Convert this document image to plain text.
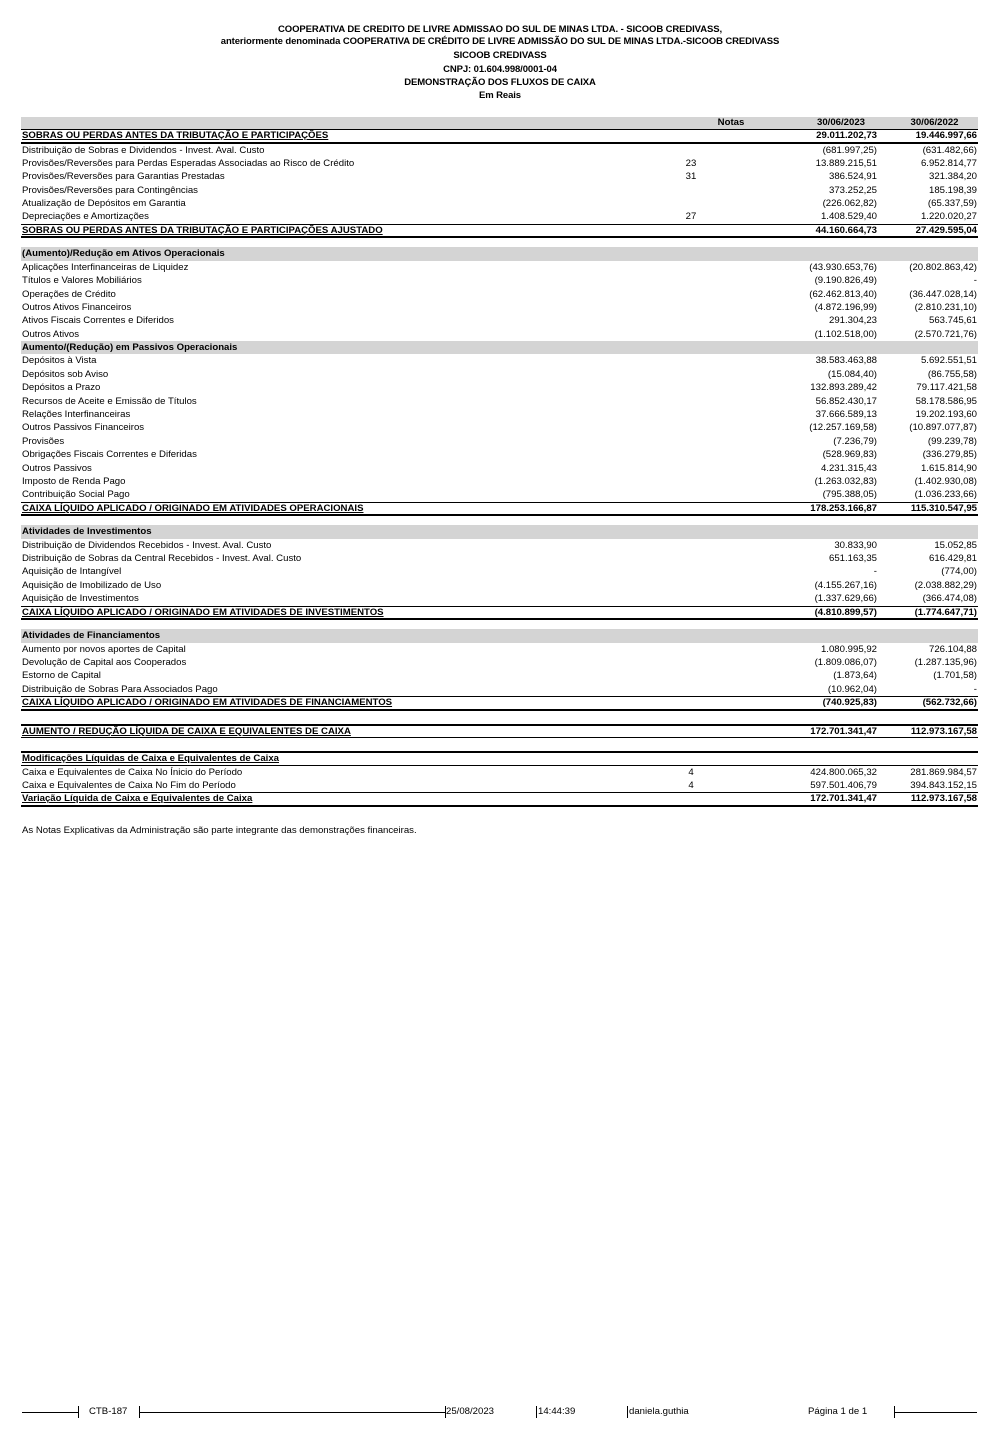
COOPERATIVA DE CREDITO DE LIVRE ADMISSAO DO SUL DE MINAS LTDA. - SICOOB CREDIVASS,
anteriormente denominada COOPERATIVA DE CRÉDITO DE LIVRE ADMISSÃO DO SUL DE MINAS LTDA.-SICOOB CREDIVASS
SICOOB CREDIVASS
CNPJ: 01.604.998/0001-04
DEMONSTRAÇÃO DOS FLUXOS DE CAIXA
Em Reais
Notas	30/06/2023	30/06/2022
SOBRAS OU PERDAS ANTES DA TRIBUTAÇÃO E PARTICIPAÇÕES	29.011.202,73	19.446.997,66
Distribuição de Sobras e Dividendos - Invest. Aval. Custo	(681.997,25)	(631.482,66)
Provisões/Reversões para Perdas Esperadas Associadas ao Risco de Crédito	23	13.889.215,51	6.952.814,77
Provisões/Reversões para Garantias Prestadas	31	386.524,91	321.384,20
Provisões/Reversões para Contingências	373.252,25	185.198,39
Atualização de Depósitos em Garantia	(226.062,82)	(65.337,59)
Depreciações e Amortizações	27	1.408.529,40	1.220.020,27
SOBRAS OU PERDAS ANTES DA TRIBUTAÇÃO E PARTICIPAÇÕES AJUSTADO	44.160.664,73	27.429.595,04
(Aumento)/Redução em Ativos Operacionais
Aplicações Interfinanceiras de Liquidez	(43.930.653,76)	(20.802.863,42)
Títulos e Valores Mobiliários	(9.190.826,49)	-
Operações de Crédito	(62.462.813,40)	(36.447.028,14)
Outros Ativos Financeiros	(4.872.196,99)	(2.810.231,10)
Ativos Fiscais Correntes e Diferidos	291.304,23	563.745,61
Outros Ativos	(1.102.518,00)	(2.570.721,76)
Aumento/(Redução) em Passivos Operacionais
Depósitos à Vista	38.583.463,88	5.692.551,51
Depósitos sob Aviso	(15.084,40)	(86.755,58)
Depósitos a Prazo	132.893.289,42	79.117.421,58
Recursos de Aceite e Emissão de Títulos	56.852.430,17	58.178.586,95
Relações Interfinanceiras	37.666.589,13	19.202.193,60
Outros Passivos Financeiros	(12.257.169,58)	(10.897.077,87)
Provisões	(7.236,79)	(99.239,78)
Obrigações Fiscais Correntes e Diferidas	(528.969,83)	(336.279,85)
Outros Passivos	4.231.315,43	1.615.814,90
Imposto de Renda Pago	(1.263.032,83)	(1.402.930,08)
Contribuição Social Pago	(795.388,05)	(1.036.233,66)
CAIXA LÍQUIDO APLICADO / ORIGINADO EM ATIVIDADES OPERACIONAIS	178.253.166,87	115.310.547,95
Atividades de Investimentos
Distribuição de Dividendos Recebidos - Invest. Aval. Custo	30.833,90	15.052,85
Distribuição de Sobras da Central Recebidos - Invest. Aval. Custo	651.163,35	616.429,81
Aquisição de Intangível	-	(774,00)
Aquisição de Imobilizado de Uso	(4.155.267,16)	(2.038.882,29)
Aquisição de Investimentos	(1.337.629,66)	(366.474,08)
CAIXA LÍQUIDO APLICADO / ORIGINADO EM ATIVIDADES DE INVESTIMENTOS	(4.810.899,57)	(1.774.647,71)
Atividades de Financiamentos
Aumento por novos aportes de Capital	1.080.995,92	726.104,88
Devolução de Capital aos Cooperados	(1.809.086,07)	(1.287.135,96)
Estorno de Capital	(1.873,64)	(1.701,58)
Distribuição de Sobras Para Associados Pago	(10.962,04)	-
CAIXA LÍQUIDO APLICADO / ORIGINADO EM ATIVIDADES DE FINANCIAMENTOS	(740.925,83)	(562.732,66)
AUMENTO / REDUÇÃO LÍQUIDA DE CAIXA E EQUIVALENTES DE CAIXA	172.701.341,47	112.973.167,58
Modificações Líquidas de Caixa e Equivalentes de Caixa
Caixa e Equivalentes de Caixa No Ínicio do Período	4	424.800.065,32	281.869.984,57
Caixa e Equivalentes de Caixa No Fim do Período	4	597.501.406,79	394.843.152,15
Variação Líquida de Caixa e Equivalentes de Caixa	172.701.341,47	112.973.167,58
As Notas Explicativas da Administração são parte integrante das demonstrações financeiras.
CTB-187	25/08/2023	14:44:39	daniela.guthia	Página 1 de 1
